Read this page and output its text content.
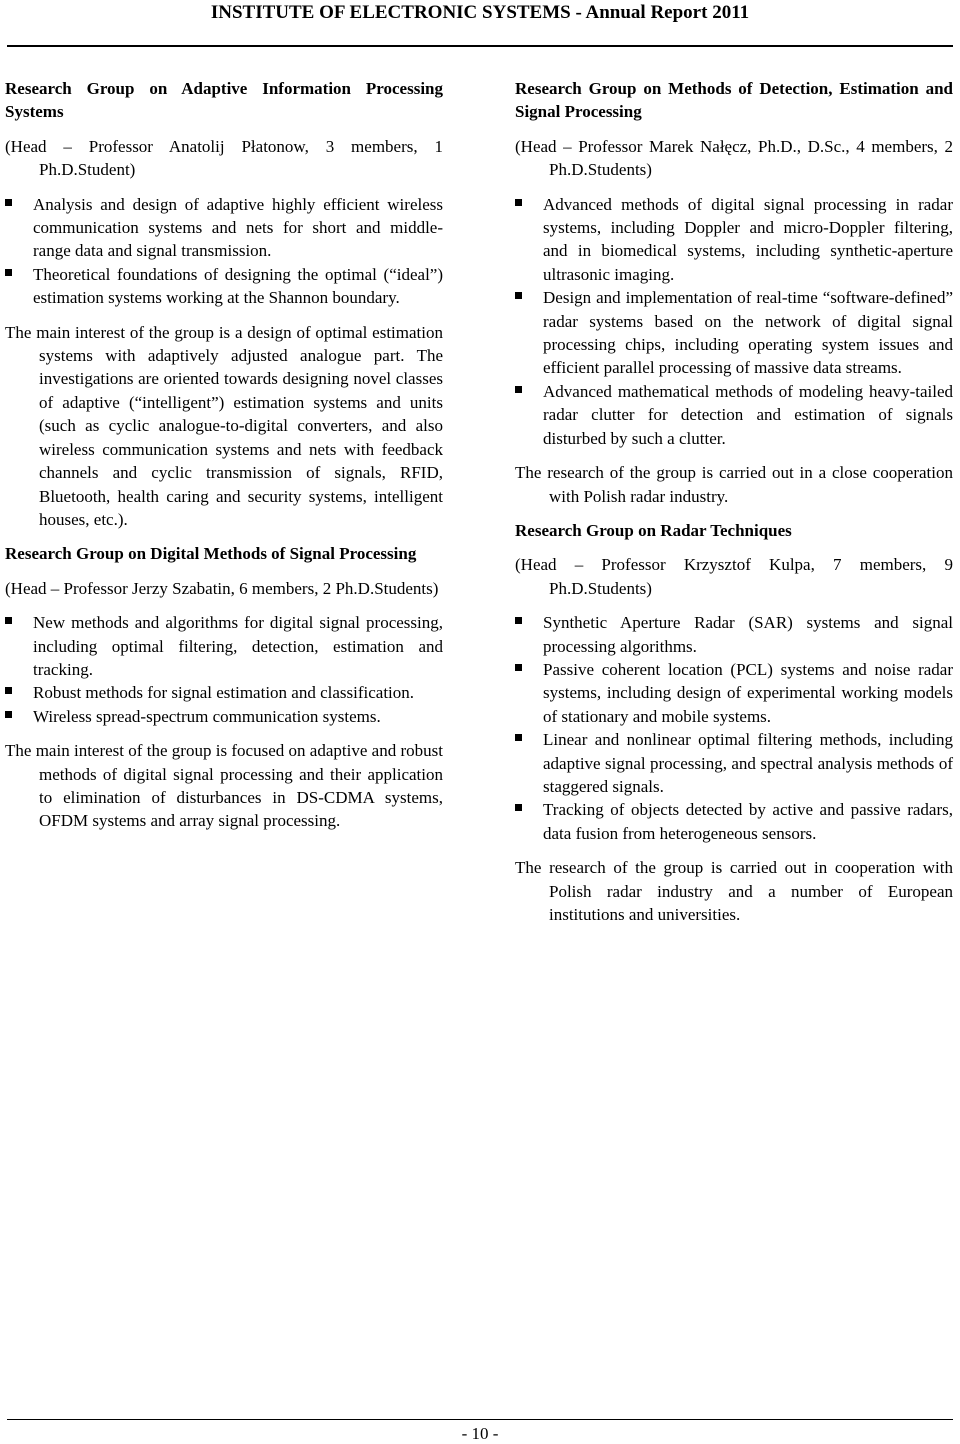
INSTITUTE OF ELECTRONIC SYSTEMS - Annual Report 2011
Research Group on Adaptive Information Processing Systems
(Head – Professor Anatolij Płatonow, 3 members, 1 Ph.D.Student)
Analysis and design of adaptive highly efficient wireless communication systems and nets for short and middle-range data and signal transmission.
Theoretical foundations of designing the optimal (“ideal”) estimation systems working at the Shannon boundary.
The main interest of the group is a design of optimal estimation systems with adaptively adjusted analogue part. The investigations are oriented towards designing novel classes of adaptive (“intelligent”) estimation systems and units (such as cyclic analogue-to-digital converters, and also wireless communication systems and nets with feedback channels and cyclic transmission of signals, RFID, Bluetooth, health caring and security systems, intelligent houses, etc.).
Research Group on Digital Methods of Signal Processing
(Head – Professor Jerzy Szabatin, 6 members, 2 Ph.D.Students)
New methods and algorithms for digital signal processing, including optimal filtering, detection, estimation and tracking.
Robust methods for signal estimation and classification.
Wireless spread-spectrum communication systems.
The main interest of the group is focused on adaptive and robust methods of digital signal processing and their application to elimination of disturbances in DS-CDMA systems, OFDM systems and array signal processing.
Research Group on Methods of Detection, Estimation and Signal Processing
(Head – Professor Marek Nałęcz, Ph.D., D.Sc., 4 members, 2 Ph.D.Students)
Advanced methods of digital signal processing in radar systems, including Doppler and micro-Doppler filtering, and in biomedical systems, including synthetic-aperture ultrasonic imaging.
Design and implementation of real-time “software-defined” radar systems based on the network of digital signal processing chips, including operating system issues and efficient parallel processing of massive data streams.
Advanced mathematical methods of modeling heavy-tailed radar clutter for detection and estimation of signals disturbed by such a clutter.
The research of the group is carried out in a close cooperation with Polish radar industry.
Research Group on Radar Techniques
(Head – Professor Krzysztof Kulpa, 7 members, 9 Ph.D.Students)
Synthetic Aperture Radar (SAR) systems and signal processing algorithms.
Passive coherent location (PCL) systems and noise radar systems, including design of experimental working models of stationary and mobile systems.
Linear and nonlinear optimal filtering methods, including adaptive signal processing, and spectral analysis methods of staggered signals.
Tracking of objects detected by active and passive radars, data fusion from heterogeneous sensors.
The research of the group is carried out in cooperation with Polish radar industry and a number of European institutions and universities.
- 10 -
